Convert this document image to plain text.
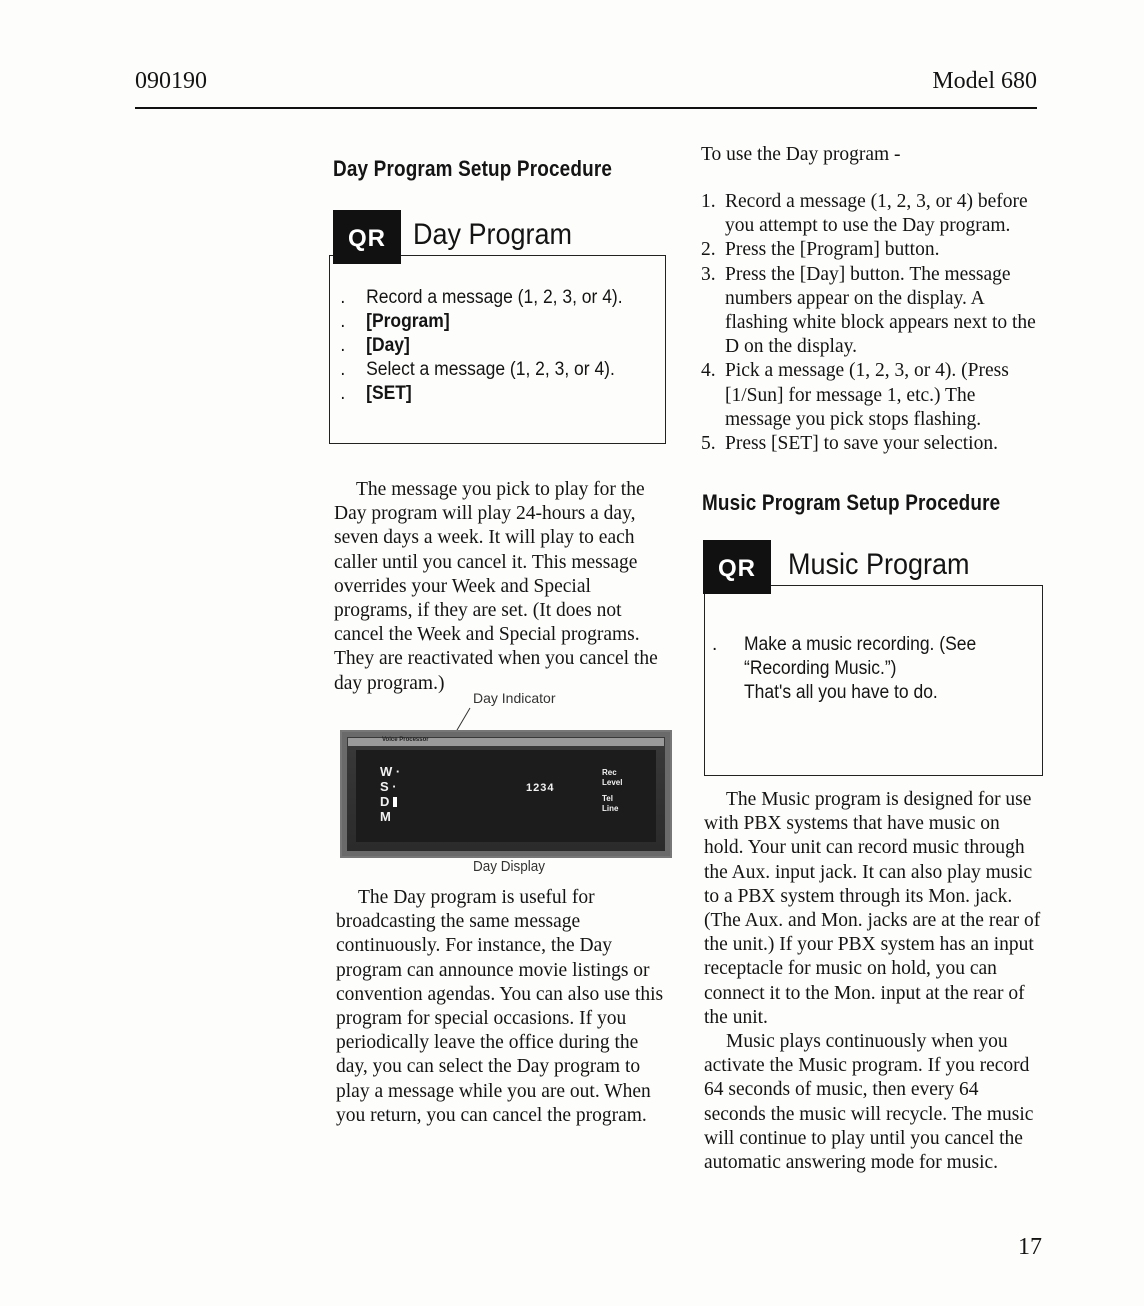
090190	Model 680
Day Program Setup Procedure
QR Day Program
. Record a message (1, 2, 3, or 4).
. [Program]
. [Day]
. Select a message (1, 2, 3, or 4).
. [SET]

The message you pick to play for the Day program will play 24-hours a day, seven days a week. It will play to each caller until you cancel it. This message overrides your Week and Special programs, if they are set. (It does not cancel the Week and Special programs. They are reactivated when you cancel the day program.)

Day Indicator
Voice Processor
W ·
S ·
D
M
1234
Rec
Level
Tel
Line
Day Display

The Day program is useful for broadcasting the same message continuously. For instance, the Day program can announce movie listings or convention agendas. You can also use this program for special occasions. If you periodically leave the office during the day, you can select the Day program to play a message while you are out. When you return, you can cancel the program.

To use the Day program -
1. Record a message (1, 2, 3, or 4) before you attempt to use the Day program.
2. Press the [Program] button.
3. Press the [Day] button. The message numbers appear on the display. A flashing white block appears next to the D on the display.
4. Pick a message (1, 2, 3, or 4). (Press [1/Sun] for message 1, etc.) The message you pick stops flashing.
5. Press [SET] to save your selection.
Music Program Setup Procedure
QR	Music Program
. Make a music recording. (See
“Recording Music.”)
That's all you have to do.

The Music program is designed for use with PBX systems that have music on hold. Your unit can record music through the Aux. input jack. It can also play music to a PBX system through its Mon. jack. (The Aux. and Mon. jacks are at the rear of the unit.) If your PBX system has an input receptacle for music on hold, you can connect it to the Mon. input at the rear of the unit.

Music plays continuously when you activate the Music program. If you record 64 seconds of music, then every 64 seconds the music will recycle. The music will continue to play until you cancel the automatic answering mode for music.

17
